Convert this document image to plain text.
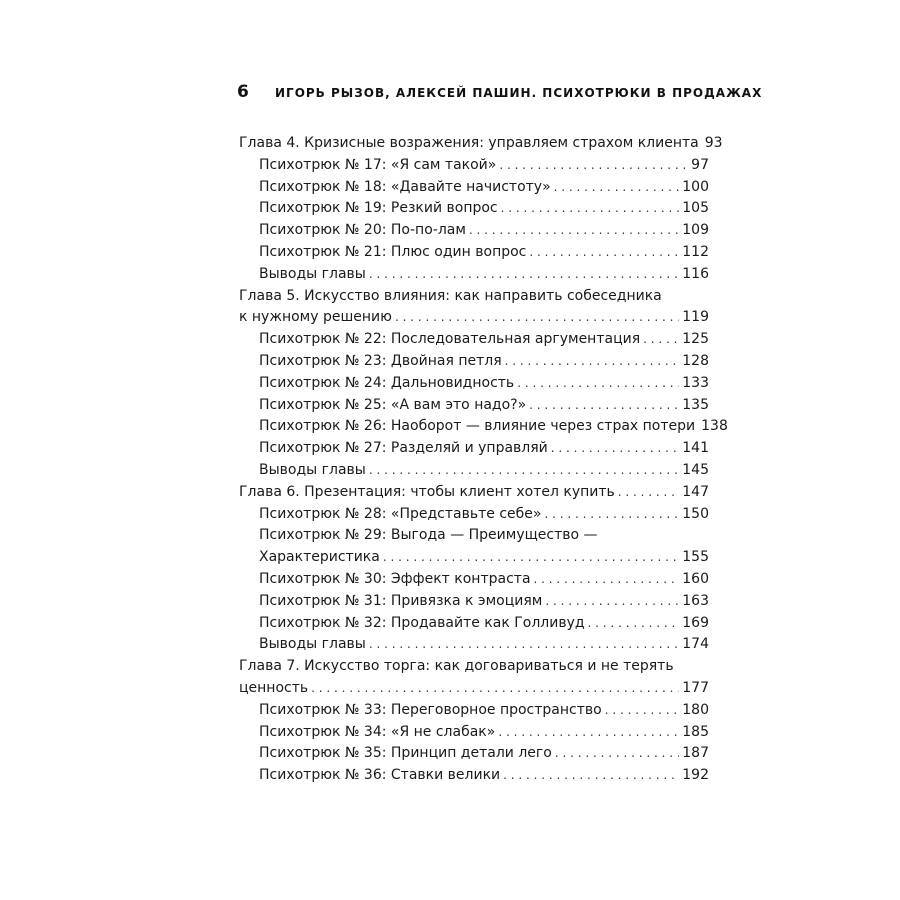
6	ИГОРЬ РЫЗОВ, АЛЕКСЕЙ ПАШИН. ПСИХОТРЮКИ В ПРОДАЖАХ
Глава 4. Кризисные возражения: управляем страхом клиента 93
Психотрюк № 17: «Я сам такой» . . .	97
Психотрюк № 18: «Давайте начистоту» . . .	100
Психотрюк № 19: Резкий вопрос . . .	105
Психотрюк № 20: По-по-лам . . .	109
Психотрюк № 21: Плюс один вопрос . . .	112
Выводы главы . . .	116
Глава 5. Искусство влияния: как направить собеседника
к нужному решению . . .	119
Психотрюк № 22: Последовательная аргументация . . .	125
Психотрюк № 23: Двойная петля . . .	128
Психотрюк № 24: Дальновидность . . .	133
Психотрюк № 25: «А вам это надо?» . . .	135
Психотрюк № 26: Наоборот — влияние через страх потери 138
Психотрюк № 27: Разделяй и управляй . . .	141
Выводы главы . . .	145
Глава 6. Презентация: чтобы клиент хотел купить . . .	147
Психотрюк № 28: «Представьте себе» . . .	150
Психотрюк № 29: Выгода — Преимущество —
Характеристика . . .	155
Психотрюк № 30: Эффект контраста . . .	160
Психотрюк № 31: Привязка к эмоциям . . .	163
Психотрюк № 32: Продавайте как Голливуд . . .	169
Выводы главы . . .	174
Глава 7. Искусство торга: как договариваться и не терять
ценность . . .	177
Психотрюк № 33: Переговорное пространство . . .	180
Психотрюк № 34: «Я не слабак» . . .	185
Психотрюк № 35: Принцип детали лего . . .	187
Психотрюк № 36: Ставки велики . . .	192
